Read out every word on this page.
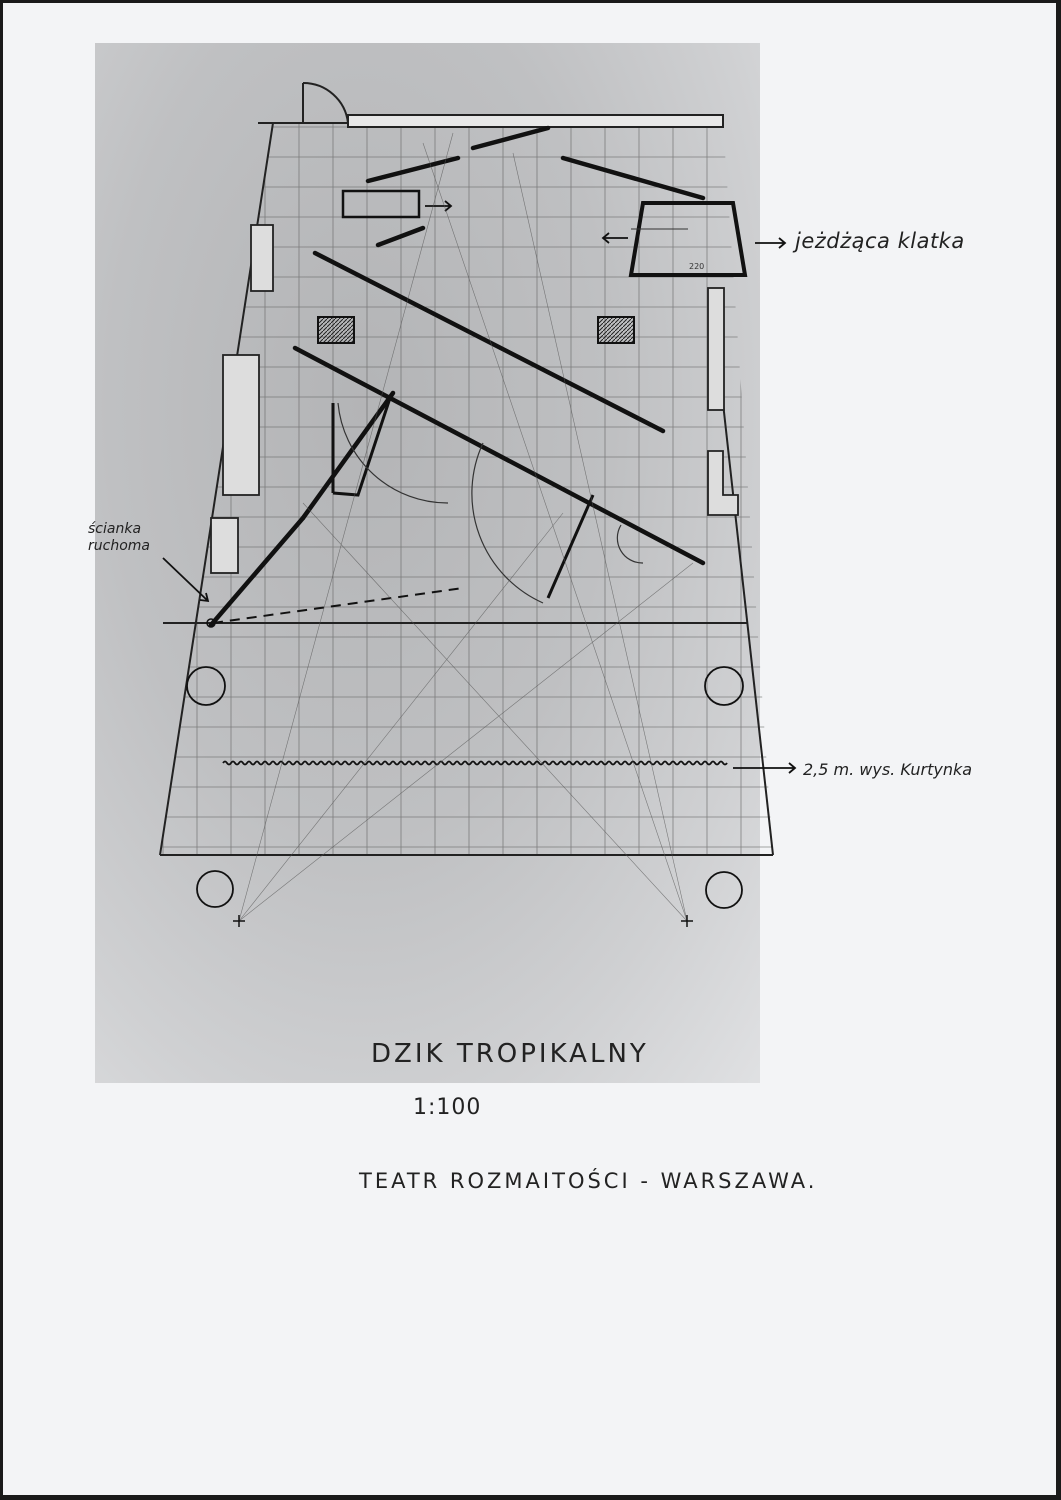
jeżdżąca klatka
2,5 m. wys. Kurtynka
ścianka ruchoma
220
DZIK TROPIKALNY
1:100
TEATR ROZMAITOŚCI - WARSZAWA.
